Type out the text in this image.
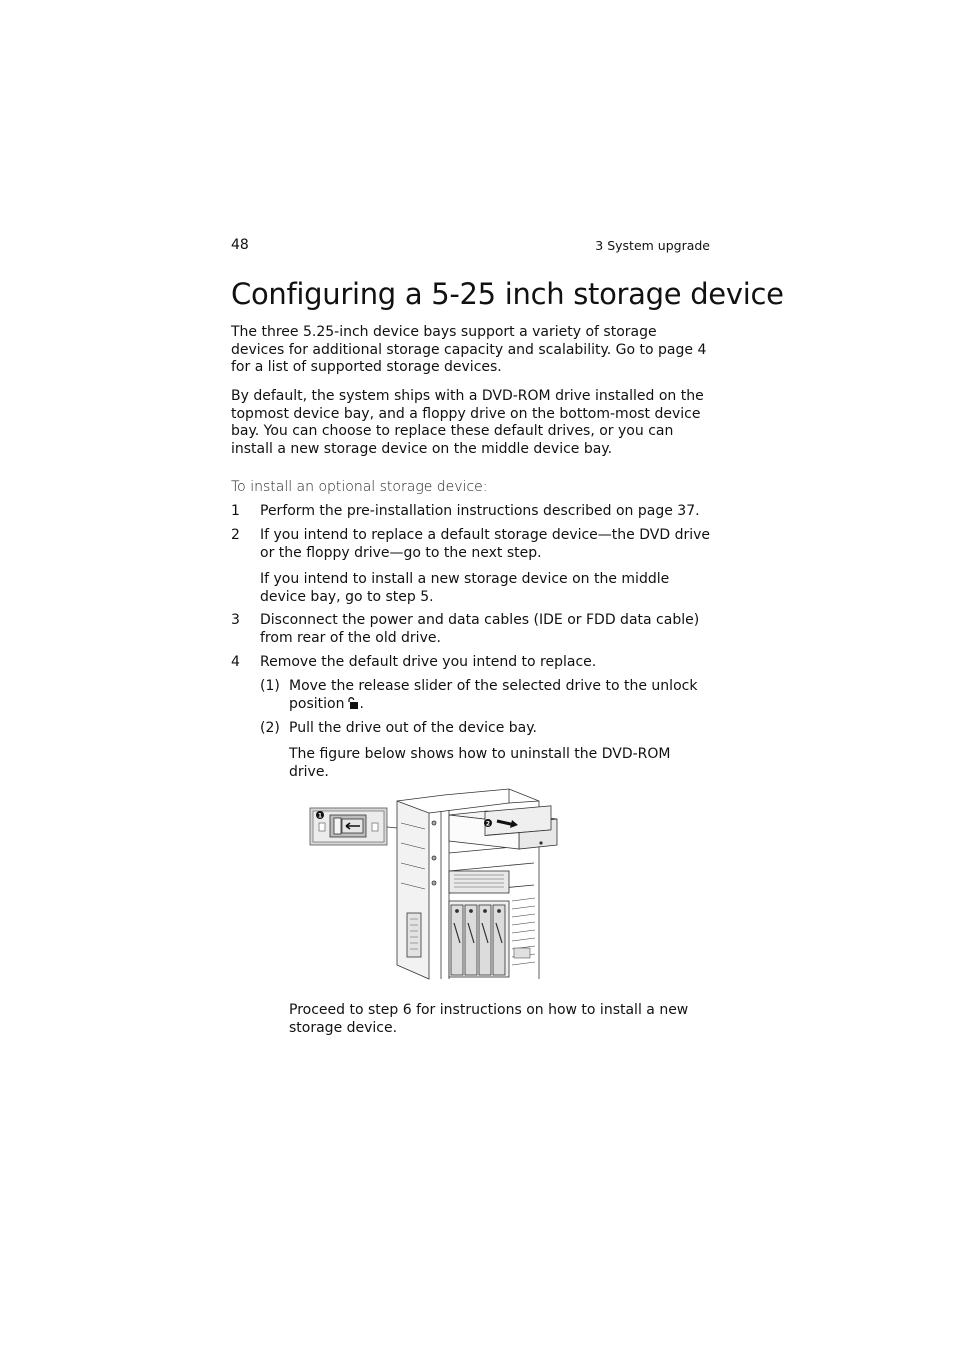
48	3 System upgrade
Configuring a 5-25 inch storage device

The three 5.25-inch device bays support a variety of storage devices for additional storage capacity and scalability. Go to page 4 for a list of supported storage devices.

By default, the system ships with a DVD-ROM drive installed on the topmost device bay, and a floppy drive on the bottom-most device bay. You can choose to replace these default drives, or you can install a new storage device on the middle device bay.

To install an optional storage device:
1 Perform the pre-installation instructions described on page 37.
2 If you intend to replace a default storage device—the DVD drive or the floppy drive—go to the next step.
If you intend to install a new storage device on the middle device bay, go to step 5.
3 Disconnect the power and data cables (IDE or FDD data cable) from rear of the old drive.
4 Remove the default drive you intend to replace.
(1) Move the release slider of the selected drive to the unlock position .
(2) Pull the drive out of the device bay.
The figure below shows how to uninstall the DVD-ROM drive.
1
2
Proceed to step 6 for instructions on how to install a new storage device.
